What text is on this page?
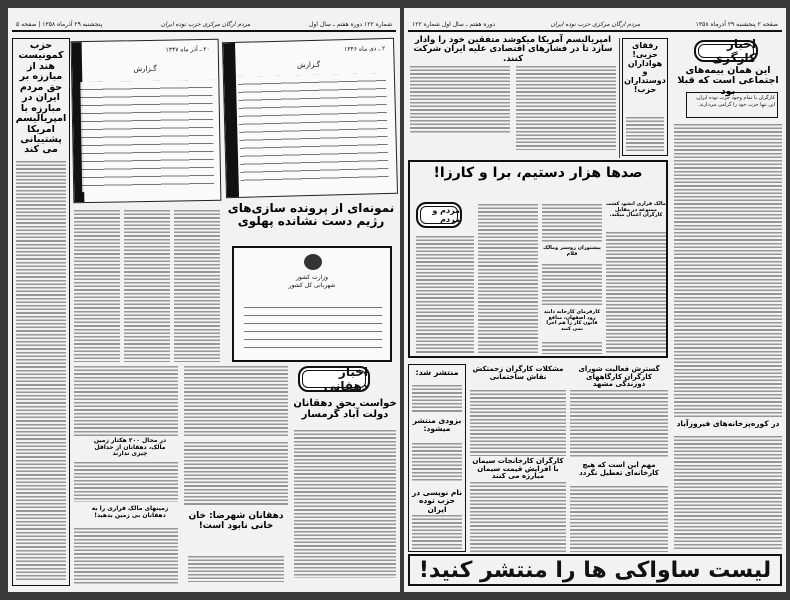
شماره ۱۲۲ دوره هفتم ـ سال اول
مردم ارگان مرکزی حزب توده ایران
پنجشنبه ۲۹ آذرماه ۱۳۵۸ | صفحه ۵
حزب کمونیست هند از مبارزه بر حق مردم ایران در مبارزه با امپریالیسم امریکا پشتیبانی می کند
۲۰ ـ آذر ماه ۱۳۴۷
گـزارش
۲ ـ دی ماه ۱۳۴۶
گـزارش
نمونه‌ای از پرونده سازی‌های رژیم دست نشانده پهلوی
وزارت کشور
شهربانی کل کشور
اخبار دهقانی
خواست بحق دهقانان دولت آباد گرمسار
در محال ۲۰۰ هکتار زمین مالک، دهقانان از حداقل چیزی ندارند
زمینهای مالک فراری را به دهقانان بی زمین بدهید!	دهقانان شهرضا: خان خانی نابود است!
صفحه ۲ پنجشنبه ۲۹ آذرماه ۱۳۵۸
مردم ارگان مرکزی حزب توده ایران
دوره هفتم ـ سال اول شماره ۱۲۲
اخبار کارگری
این همان بیمه‌های اجتماعی است که قبلا بود
کارگران با تمام وجود حزب توده ایران، این تنها حزب خود را گرامی می‌دارند.
در کوره‌پزخانه‌های فیروزآباد
رفقای حزبی! هواداران و دوستداران حزب!
امپریالیسم آمریکا میکوشد متفقین خود را وادار سازد تا در فشارهای اقتصادی علیه ایران شرکت کنند.
صدها هزار دستیم، برا و کارزا!
مردم و مردم
مالک فراری انشو، کشت ممنوعه در مقابل کارگران اعمال میکند.
پیشتوران روستر ومالک فلام
کارفرمای کارخانه ذایند رود اصفهان، منافع قانون کار را هم اجرا نمی کنند
منتشر شد:
بزودی منتشر میشود:
نام نویسی در حزب توده ایران
مشکلات کارگران زحمتکش نقاش ساختمانی
کارگران کارخانجات سیمان با افزایش قیمت سیمان مبارزه می کنند
گسترش فعالیت شورای کارگران کارگاههای دوزندگی مشهد
مهم این است که هیچ کارخانه‌ای تعطیل نگردد
لیست ساواکی ها را منتشر کنید!
